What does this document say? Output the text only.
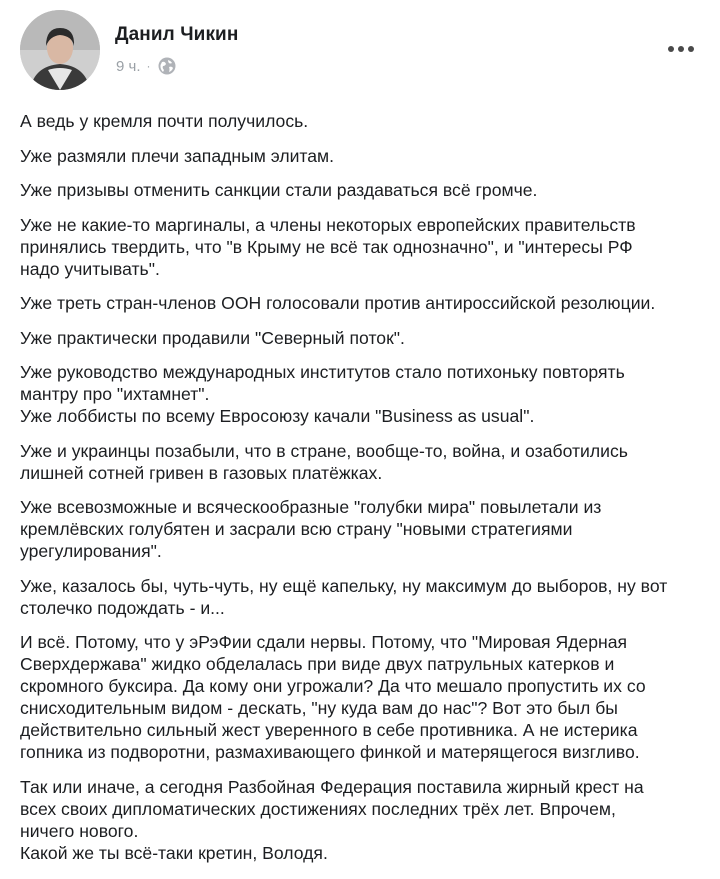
Данил Чикин
9 ч. ·

А ведь у кремля почти получилось.

Уже размяли плечи западным элитам.

Уже призывы отменить санкции стали раздаваться всё громче.

Уже не какие-то маргиналы, а члены некоторых европейских правительств
принялись твердить, что "в Крыму не всё так однозначно", и "интересы РФ
надо учитывать".

Уже треть стран-членов ООН голосовали против антироссийской резолюции.

Уже практически продавили "Северный поток".

Уже руководство международных институтов стало потихоньку повторять
мантру про "ихтамнет".
Уже лоббисты по всему Евросоюзу качали "Business as usual".

Уже и украинцы позабыли, что в стране, вообще-то, война, и озаботились
лишней сотней гривен в газовых платёжках.

Уже всевозможные и всяческообразные "голубки мира" повылетали из
кремлёвских голубятен и засрали всю страну "новыми стратегиями
урегулирования".

Уже, казалось бы, чуть-чуть, ну ещё капельку, ну максимум до выборов, ну вот
столечко подождать - и...

И всё. Потому, что у эРэФии сдали нервы. Потому, что "Мировая Ядерная
Сверхдержава" жидко обделалась при виде двух патрульных катерков и
скромного буксира. Да кому они угрожали? Да что мешало пропустить их со
снисходительным видом - дескать, "ну куда вам до нас"? Вот это был бы
действительно сильный жест уверенного в себе противника. А не истерика
гопника из подворотни, размахивающего финкой и матерящегося визгливо.

Так или иначе, а сегодня Разбойная Федерация поставила жирный крест на
всех своих дипломатических достижениях последних трёх лет. Впрочем,
ничего нового.
Какой же ты всё-таки кретин, Володя.
